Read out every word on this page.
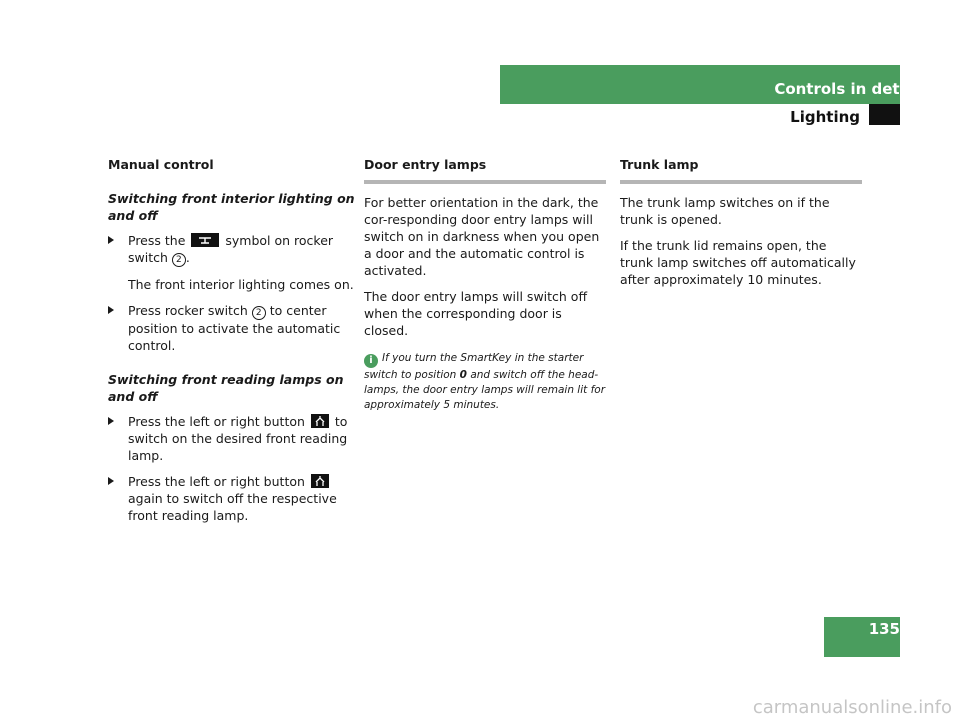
Controls in detail
Lighting
Manual control
Switching front interior lighting on and off
Press the	symbol on rocker switch 2 .
The front interior lighting comes on.
Press rocker switch 2 to center position to activate the automatic control.
Switching front reading lamps on and off
Press the left or right button to switch on the desired front reading lamp.
Press the left or right button
again to switch off the respective front reading lamp.
Door entry lamps

For better orientation in the dark, the cor-responding door entry lamps will switch on in darkness when you open a door and the automatic control is activated.

The door entry lamps will switch off when the corresponding door is closed.

i If you turn the SmartKey in the starter switch to position 0 and switch off the head-lamps, the door entry lamps will remain lit for approximately 5 minutes.
Trunk lamp

The trunk lamp switches on if the trunk is opened.

If the trunk lid remains open, the trunk lamp switches off automatically after approximately 10 minutes.

135
carmanualsonline.info
